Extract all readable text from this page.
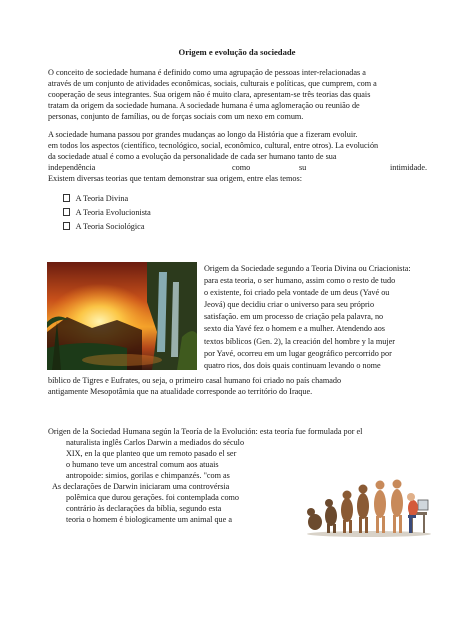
Origem e evolução da sociedade
O conceito de sociedade humana é definido como uma agrupação de pessoas inter-relacionadas a
através de um conjunto de atividades econômicas, sociais, culturais e políticas, que cumprem, com a
cooperação de seus integrantes. Sua origem não é muito clara, apresentam-se três teorias das quais
tratam da origem da sociedade humana. A sociedade humana é uma aglomeração ou reunião de
personas, conjunto de famílias, ou de forças sociais com um nexo em comum.
A sociedade humana passou por grandes mudanças ao longo da História que a fizeram evoluir.
em todos los aspectos (científico, tecnológico, social, econômico, cultural, entre otros). La evolución
da sociedade atual é como a evolução da personalidade de cada ser humano tanto de sua
independência	como	su	intimidade.
Existem diversas teorias que tentam demonstrar sua origem, entre elas temos:
A Teoria Divina
A Teoria Evolucionista
A Teoria Sociológica
Origem da Sociedade segundo a Teoria Divina ou Criacionista:
para esta teoria, o ser humano, assim como o resto de tudo
o existente, foi criado pela vontade de um deus (Yavé ou
Jeová) que decidiu criar o universo para seu próprio
satisfação. em um processo de criação pela palavra, no
sexto dia Yavé fez o homem e a mulher. Atendendo aos
textos bíblicos (Gen. 2), la creación del hombre y la mujer
por Yavé, ocorreu em um lugar geográfico percorrido por
quatro rios, dos dois quais continuam levando o nome
bíblico de Tigres e Eufrates, ou seja, o primeiro casal humano foi criado no país chamado
antigamente Mesopotâmia que na atualidade corresponde ao território do Iraque.
Origen de la Sociedad Humana según la Teoría de la Evolución: esta teoría fue formulada por el
naturalista inglês Carlos Darwin a mediados do século
XIX, en la que planteo que um remoto pasado el ser
o humano teve um ancestral comum aos atuais
antropoide: simios, gorilas e chimpanzés. "com as
As declarações de Darwin iniciaram uma controvérsia
polêmica que durou gerações. foi contemplada como
contrário às declarações da bíblia, segundo esta
teoria o homem é biologicamente um animal que a
